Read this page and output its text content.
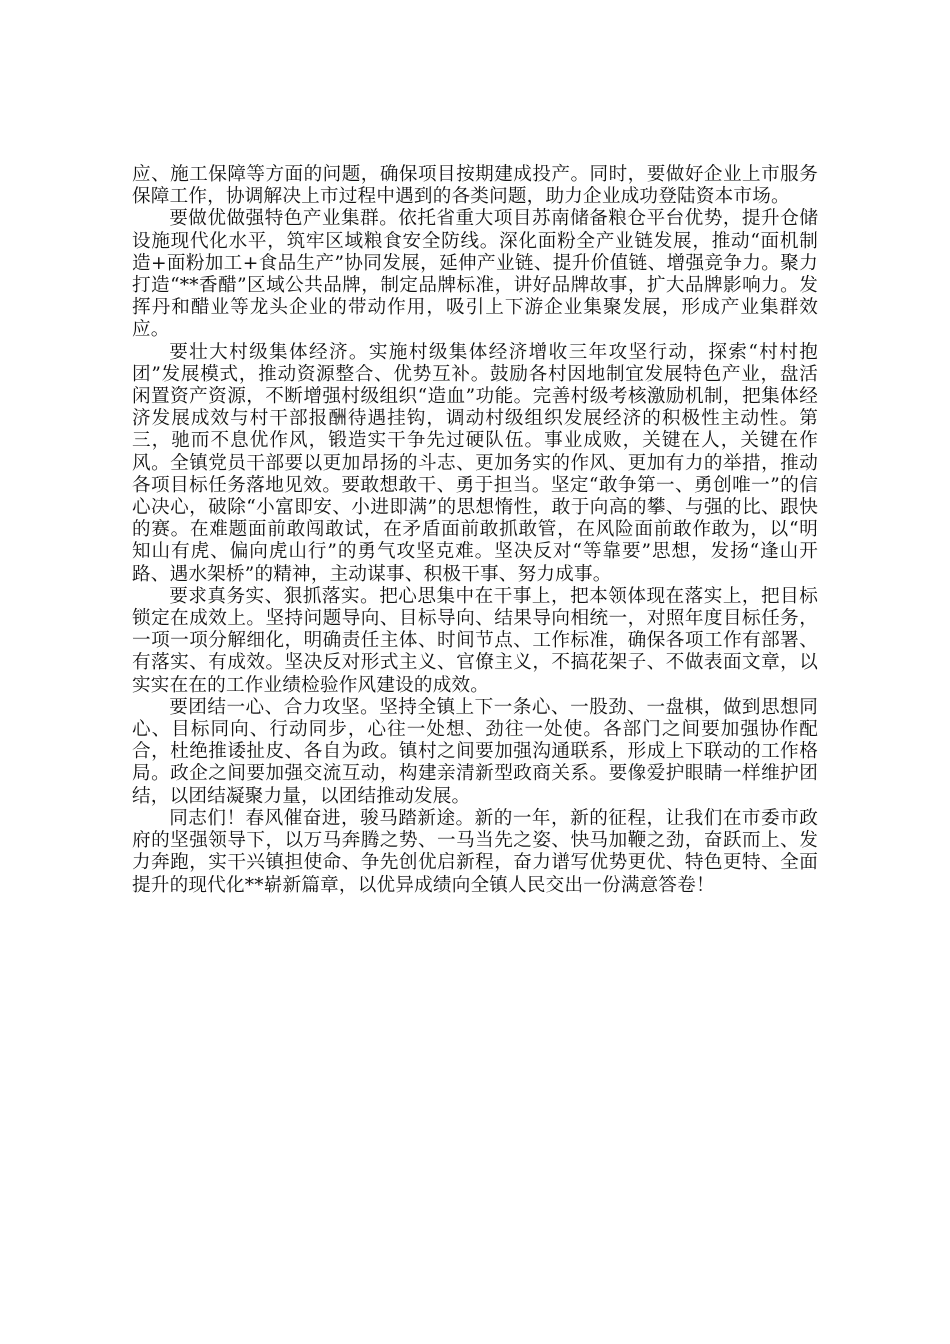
应、施工保障等方面的问题，确保项目按期建成投产。同时，要做好企业上市服务保障工作，协调解决上市过程中遇到的各类问题，助力企业成功登陆资本市场。

要做优做强特色产业集群。依托省重大项目苏南储备粮仓平台优势，提升仓储设施现代化水平，筑牢区域粮食安全防线。深化面粉全产业链发展，推动“面机制造+面粉加工+食品生产”协同发展，延伸产业链、提升价值链、增强竞争力。聚力打造“**香醋”区域公共品牌，制定品牌标准，讲好品牌故事，扩大品牌影响力。发挥丹和醋业等龙头企业的带动作用，吸引上下游企业集聚发展，形成产业集群效应。

要壮大村级集体经济。实施村级集体经济增收三年攻坚行动，探索“村村抱团”发展模式，推动资源整合、优势互补。鼓励各村因地制宜发展特色产业，盘活闲置资产资源，不断增强村级组织“造血”功能。完善村级考核激励机制，把集体经济发展成效与村干部报酬待遇挂钩，调动村级组织发展经济的积极性主动性。第三，驰而不息优作风，锻造实干争先过硬队伍。事业成败，关键在人，关键在作风。全镇党员干部要以更加昂扬的斗志、更加务实的作风、更加有力的举措，推动各项目标任务落地见效。要敢想敢干、勇于担当。坚定“敢争第一、勇创唯一”的信心决心，破除“小富即安、小进即满”的思想惰性，敢于向高的攀、与强的比、跟快的赛。在难题面前敢闯敢试，在矛盾面前敢抓敢管，在风险面前敢作敢为，以“明知山有虎、偏向虎山行”的勇气攻坚克难。坚决反对“等靠要”思想，发扬“逢山开路、遇水架桥”的精神，主动谋事、积极干事、努力成事。

要求真务实、狠抓落实。把心思集中在干事上，把本领体现在落实上，把目标锁定在成效上。坚持问题导向、目标导向、结果导向相统一，对照年度目标任务，一项一项分解细化，明确责任主体、时间节点、工作标准，确保各项工作有部署、有落实、有成效。坚决反对形式主义、官僚主义，不搞花架子、不做表面文章，以实实在在的工作业绩检验作风建设的成效。

要团结一心、合力攻坚。坚持全镇上下一条心、一股劲、一盘棋，做到思想同心、目标同向、行动同步，心往一处想、劲往一处使。各部门之间要加强协作配合，杜绝推诿扯皮、各自为政。镇村之间要加强沟通联系，形成上下联动的工作格局。政企之间要加强交流互动，构建亲清新型政商关系。要像爱护眼睛一样维护团结，以团结凝聚力量，以团结推动发展。

同志们！春风催奋进，骏马踏新途。新的一年，新的征程，让我们在市委市政府的坚强领导下，以万马奔腾之势、一马当先之姿、快马加鞭之劲，奋跃而上、发力奔跑，实干兴镇担使命、争先创优启新程，奋力谱写优势更优、特色更特、全面提升的现代化**崭新篇章，以优异成绩向全镇人民交出一份满意答卷！
